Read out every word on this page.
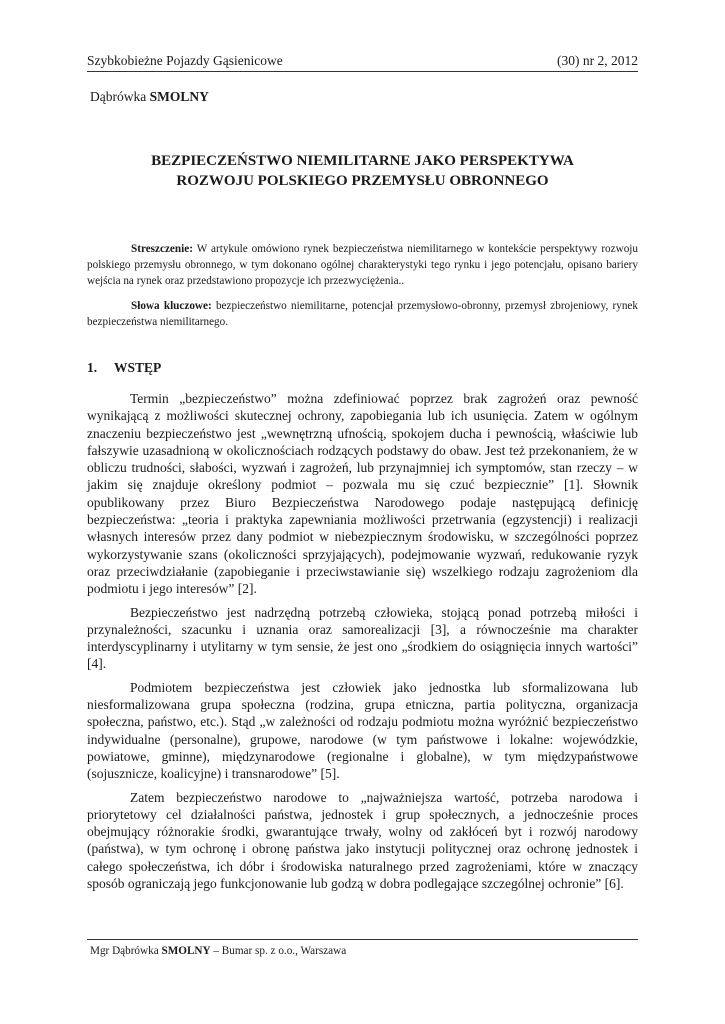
Szybkobieżne Pojazdy Gąsienicowe	(30) nr 2, 2012
Dąbrówka SMOLNY
BEZPIECZEŃSTWO NIEMILITARNE JAKO PERSPEKTYWA
ROZWOJU POLSKIEGO PRZEMYSŁU OBRONNEGO

Streszczenie: W artykule omówiono rynek bezpieczeństwa niemilitarnego w kontekście perspektywy rozwoju polskiego przemysłu obronnego, w tym dokonano ogólnej charakterystyki tego rynku i jego potencjału, opisano bariery wejścia na rynek oraz przedstawiono propozycje ich przezwyciężenia..

Słowa kluczowe: bezpieczeństwo niemilitarne, potencjał przemysłowo-obronny, przemysł zbrojeniowy, rynek bezpieczeństwa niemilitarnego.

1. WSTĘP

Termin „bezpieczeństwo” można zdefiniować poprzez brak zagrożeń oraz pewność wynikającą z możliwości skutecznej ochrony, zapobiegania lub ich usunięcia. Zatem w ogólnym znaczeniu bezpieczeństwo jest „wewnętrzną ufnością, spokojem ducha i pewnością, właściwie lub fałszywie uzasadnioną w okolicznościach rodzących podstawy do obaw. Jest też przekonaniem, że w obliczu trudności, słabości, wyzwań i zagrożeń, lub przynajmniej ich symptomów, stan rzeczy – w jakim się znajduje określony podmiot – pozwala mu się czuć bezpiecznie” [1]. Słownik opublikowany przez Biuro Bezpieczeństwa Narodowego podaje następującą definicję bezpieczeństwa: „teoria i praktyka zapewniania możliwości przetrwania (egzystencji) i realizacji własnych interesów przez dany podmiot w niebezpiecznym środowisku, w szczególności poprzez wykorzystywanie szans (okoliczności sprzyjających), podejmowanie wyzwań, redukowanie ryzyk oraz przeciwdziałanie (zapobieganie i przeciwstawianie się) wszelkiego rodzaju zagrożeniom dla podmiotu i jego interesów” [2].

Bezpieczeństwo jest nadrzędną potrzebą człowieka, stojącą ponad potrzebą miłości i przynależności, szacunku i uznania oraz samorealizacji [3], a równocześnie ma charakter interdyscyplinarny i utylitarny w tym sensie, że jest ono „środkiem do osiągnięcia innych wartości” [4].

Podmiotem bezpieczeństwa jest człowiek jako jednostka lub sformalizowana lub niesformalizowana grupa społeczna (rodzina, grupa etniczna, partia polityczna, organizacja społeczna, państwo, etc.). Stąd „w zależności od rodzaju podmiotu można wyróżnić bezpieczeństwo indywidualne (personalne), grupowe, narodowe (w tym państwowe i lokalne: wojewódzkie, powiatowe, gminne), międzynarodowe (regionalne i globalne), w tym międzypaństwowe (sojusznicze, koalicyjne) i transnarodowe” [5].

Zatem bezpieczeństwo narodowe to „najważniejsza wartość, potrzeba narodowa i priorytetowy cel działalności państwa, jednostek i grup społecznych, a jednocześnie proces obejmujący różnorakie środki, gwarantujące trwały, wolny od zakłóceń byt i rozwój narodowy (państwa), w tym ochronę i obronę państwa jako instytucji politycznej oraz ochronę jednostek i całego społeczeństwa, ich dóbr i środowiska naturalnego przed zagrożeniami, które w znaczący sposób ograniczają jego funkcjonowanie lub godzą w dobra podlegające szczególnej ochronie” [6].

Mgr Dąbrówka SMOLNY – Bumar sp. z o.o., Warszawa
